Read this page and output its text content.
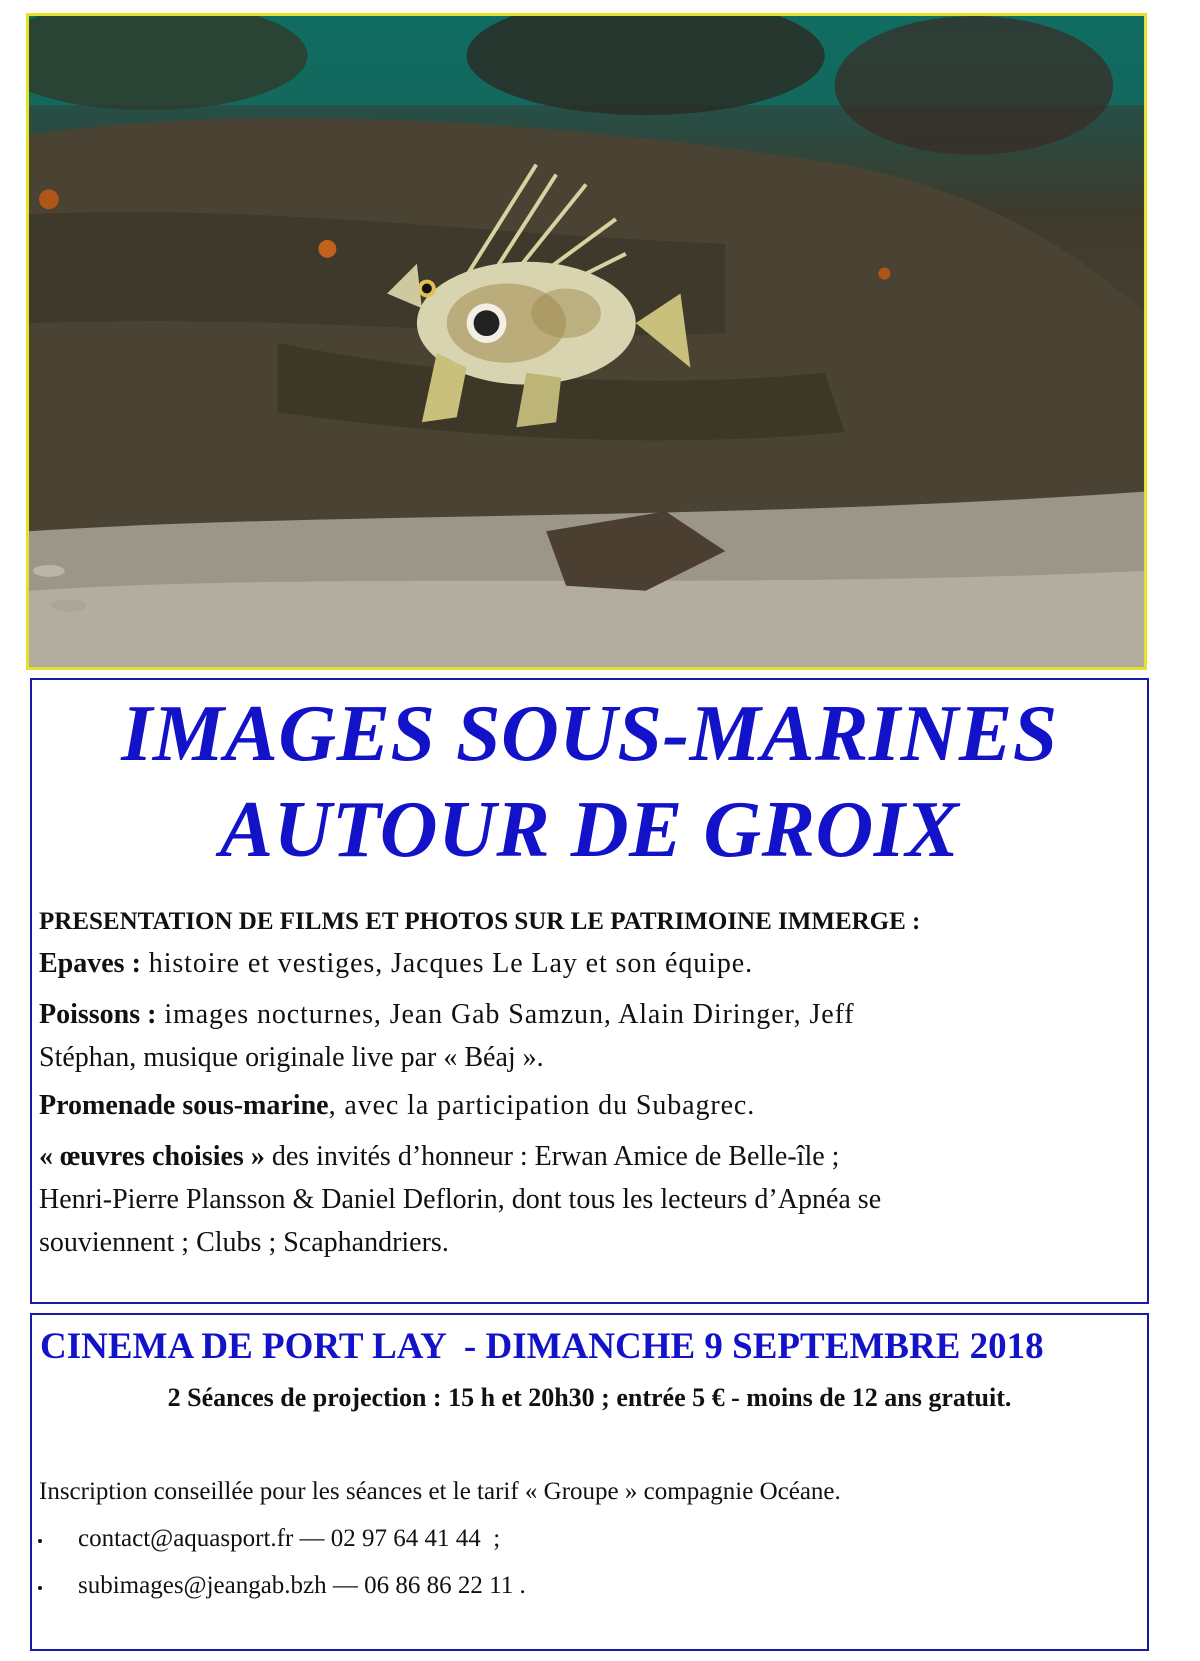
IMAGES SOUS-MARINES
AUTOUR DE GROIX
PRESENTATION DE FILMS ET PHOTOS SUR LE PATRIMOINE IMMERGE :
Epaves : histoire et vestiges, Jacques Le Lay et son équipe.
Poissons : images nocturnes, Jean Gab Samzun, Alain Diringer, Jeff
Stéphan, musique originale live par « Béaj ».
Promenade sous-marine, avec la participation du Subagrec.
« œuvres choisies » des invités d’honneur : Erwan Amice de Belle-île ;
Henri-Pierre Plansson & Daniel Deflorin, dont tous les lecteurs d’Apnéa se
souviennent ; Clubs ; Scaphandriers.
CINEMA DE PORT LAY  - DIMANCHE 9 SEPTEMBRE 2018
2 Séances de projection : 15 h et 20h30 ; entrée 5 € - moins de 12 ans gratuit.
Inscription conseillée pour les séances et le tarif « Groupe » compagnie Océane.
contact@aquasport.fr — 02 97 64 41 44  ;
subimages@jeangab.bzh — 06 86 86 22 11 .
